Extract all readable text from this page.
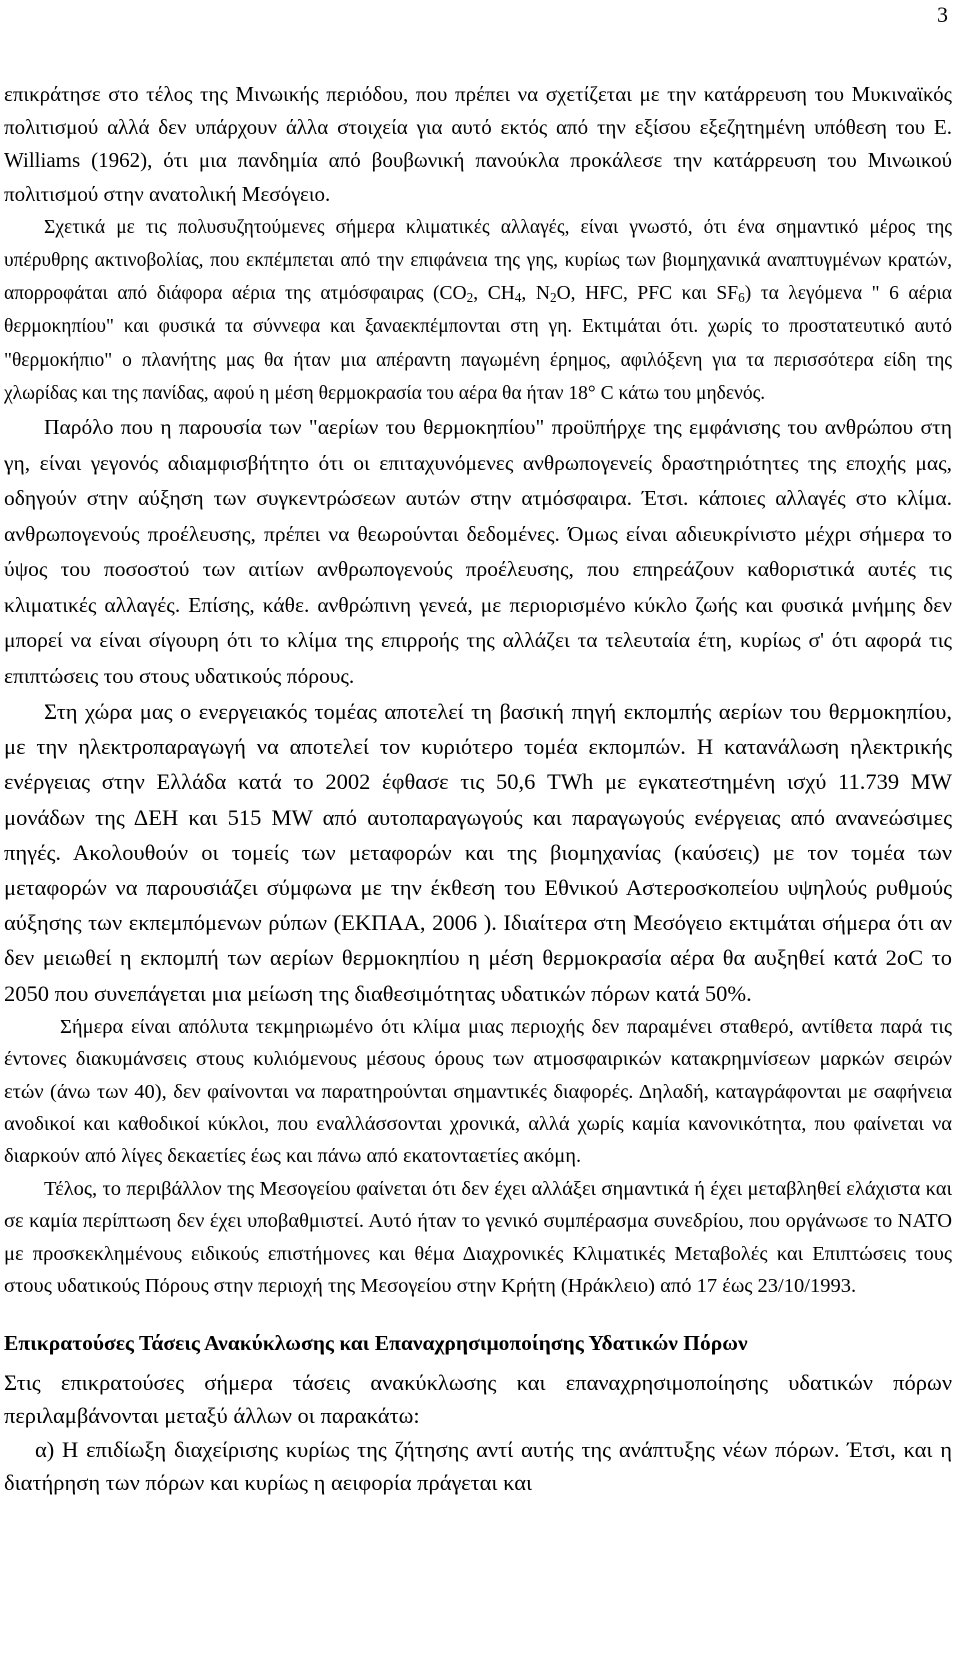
3

επικράτησε στο τέλος της Μινωικής περιόδου, που πρέπει να σχετίζεται με την κατάρρευση του Μυκιναϊκός πολιτισμού αλλά δεν υπάρχουν άλλα στοιχεία για αυτό εκτός από την εξίσου εξεζητημένη υπόθεση του E. Williams (1962), ότι μια πανδημία από βουβωνική πανούκλα προκάλεσε την κατάρρευση του Μινωικού πολιτισμού στην ανατολική Μεσόγειο.

Σχετικά με τις πολυσυζητούμενες σήμερα κλιματικές αλλαγές, είναι γνωστό, ότι ένα σημαντικό μέρος της υπέρυθρης ακτινοβολίας, που εκπέμπεται από την επιφάνεια της γης, κυρίως των βιομηχανικά αναπτυγμένων κρατών, απορροφάται από διάφορα αέρια της ατμόσφαιρας ($CO_2$, $CH_4$, $N_2O$, HFC, PFC και $SF_6$) τα λεγόμενα " 6 αέρια θερμοκηπίου" και φυσικά τα σύννεφα και ξαναεκπέμπονται στη γη. Εκτιμάται ότι. χωρίς το προστατευτικό αυτό "θερμοκήπιο" ο πλανήτης μας θα ήταν μια απέραντη παγωμένη έρημος, αφιλόξενη για τα περισσότερα είδη της χλωρίδας και της πανίδας, αφού η μέση θερμοκρασία του αέρα θα ήταν 18° C κάτω του μηδενός.

Παρόλο που η παρουσία των "αερίων του θερμοκηπίου" προϋπήρχε της εμφάνισης του ανθρώπου στη γη, είναι γεγονός αδιαμφισβήτητο ότι οι επιταχυνόμενες ανθρωπογενείς δραστηριότητες της εποχής μας, οδηγούν στην αύξηση των συγκεντρώσεων αυτών στην ατμόσφαιρα. Έτσι. κάποιες αλλαγές στο κλίμα. ανθρωπογενούς προέλευσης, πρέπει να θεωρούνται δεδομένες. Όμως είναι αδιευκρίνιστο μέχρι σήμερα το ύψος του ποσοστού των αιτίων ανθρωπογενούς προέλευσης, που επηρεάζουν καθοριστικά αυτές τις κλιματικές αλλαγές. Επίσης, κάθε. ανθρώπινη γενεά, με περιορισμένο κύκλο ζωής και φυσικά μνήμης δεν μπορεί να είναι σίγουρη ότι το κλίμα της επιρροής της αλλάζει τα τελευταία έτη, κυρίως σ' ότι αφορά τις επιπτώσεις του στους υδατικούς πόρους.

Στη χώρα μας ο ενεργειακός τομέας αποτελεί τη βασική πηγή εκπομπής αερίων του θερμοκηπίου, με την ηλεκτροπαραγωγή να αποτελεί τον κυριότερο τομέα εκπομπών. Η κατανάλωση ηλεκτρικής ενέργειας στην Ελλάδα κατά το 2002 έφθασε τις 50,6 TWh με εγκατεστημένη ισχύ 11.739 MW μονάδων της ΔΕΗ και 515 MW από αυτοπαραγωγούς και παραγωγούς ενέργειας από ανανεώσιμες πηγές. Ακολουθούν οι τομείς των μεταφορών και της βιομηχανίας (καύσεις) με τον τομέα των μεταφορών να παρουσιάζει σύμφωνα με την έκθεση του Εθνικού Αστεροσκοπείου υψηλούς ρυθμούς αύξησης των εκπεμπόμενων ρύπων (ΕΚΠΑΑ, 2006 ). Ιδιαίτερα στη Μεσόγειο εκτιμάται σήμερα ότι αν δεν μειωθεί η εκπομπή των αερίων θερμοκηπίου η μέση θερμοκρασία αέρα θα αυξηθεί κατά 2οC το 2050 που συνεπάγεται μια μείωση της διαθεσιμότητας υδατικών πόρων κατά 50%.

Σήμερα είναι απόλυτα τεκμηριωμένο ότι κλίμα μιας περιοχής δεν παραμένει σταθερό, αντίθετα παρά τις έντονες διακυμάνσεις στους κυλιόμενους μέσους όρους των ατμοσφαιρικών κατακρημνίσεων μαρκών σειρών ετών (άνω των 40), δεν φαίνονται να παρατηρούνται σημαντικές διαφορές. Δηλαδή, καταγράφονται με σαφήνεια ανοδικοί και καθοδικοί κύκλοι, που εναλλάσσονται χρονικά, αλλά χωρίς καμία κανονικότητα, που φαίνεται να διαρκούν από λίγες δεκαετίες έως και πάνω από εκατονταετίες ακόμη.

Τέλος, το περιβάλλον της Μεσογείου φαίνεται ότι δεν έχει αλλάξει σημαντικά ή έχει μεταβληθεί ελάχιστα και σε καμία περίπτωση δεν έχει υποβαθμιστεί. Αυτό ήταν το γενικό συμπέρασμα συνεδρίου, που οργάνωσε το ΝΑΤΟ με προσκεκλημένους ειδικούς επιστήμονες και θέμα Διαχρονικές Κλιματικές Μεταβολές και Επιπτώσεις τους στους υδατικούς Πόρους στην περιοχή της Μεσογείου στην Κρήτη (Ηράκλειο) από 17 έως 23/10/1993.

Επικρατούσες Τάσεις Ανακύκλωσης και Επαναχρησιμοποίησης Υδατικών Πόρων

Στις επικρατούσες σήμερα τάσεις ανακύκλωσης και επαναχρησιμοποίησης υδατικών πόρων περιλαμβάνονται μεταξύ άλλων οι παρακάτω:

α) Η επιδίωξη διαχείρισης κυρίως της ζήτησης αντί αυτής της ανάπτυξης νέων πόρων. Έτσι, και η διατήρηση των πόρων και κυρίως η αειφορία πράγεται και
